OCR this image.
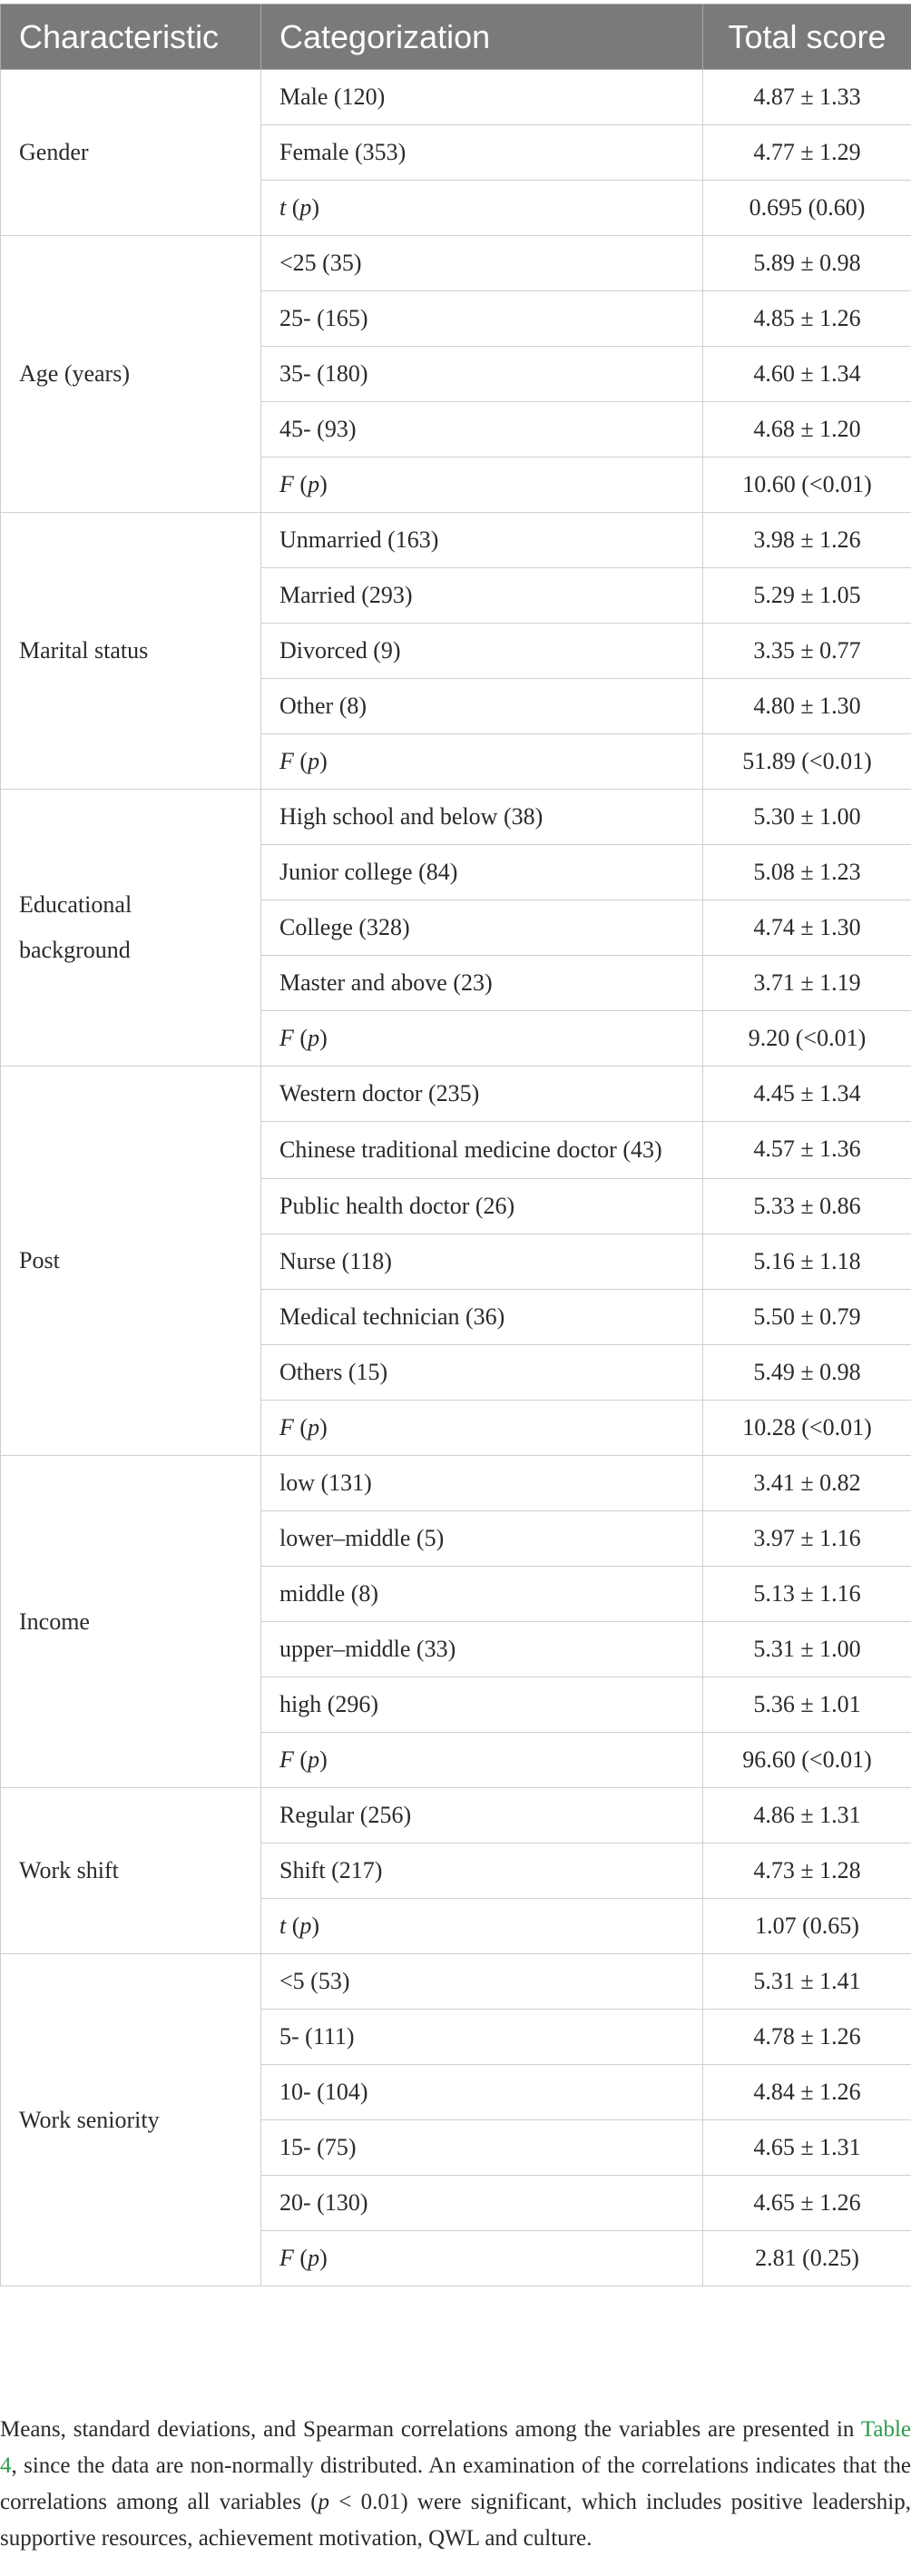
Characteristic	Categorization	Total score
Gender	Male (120)	4.87 ± 1.33
	Female (353)	4.77 ± 1.29
	t (p)	0.695 (0.60)
Age (years)	<25 (35)	5.89 ± 0.98
	25- (165)	4.85 ± 1.26
	35- (180)	4.60 ± 1.34
	45- (93)	4.68 ± 1.20
	F (p)	10.60 (<0.01)
Marital status	Unmarried (163)	3.98 ± 1.26
	Married (293)	5.29 ± 1.05
	Divorced (9)	3.35 ± 0.77
	Other (8)	4.80 ± 1.30
	F (p)	51.89 (<0.01)
Educational background	High school and below (38)	5.30 ± 1.00
	Junior college (84)	5.08 ± 1.23
	College (328)	4.74 ± 1.30
	Master and above (23)	3.71 ± 1.19
	F (p)	9.20 (<0.01)
Post	Western doctor (235)	4.45 ± 1.34
	Chinese traditional medicine doctor (43)	4.57 ± 1.36
	Public health doctor (26)	5.33 ± 0.86
	Nurse (118)	5.16 ± 1.18
	Medical technician (36)	5.50 ± 0.79
	Others (15)	5.49 ± 0.98
	F (p)	10.28 (<0.01)
Income	low (131)	3.41 ± 0.82
	lower–middle (5)	3.97 ± 1.16
	middle (8)	5.13 ± 1.16
	upper–middle (33)	5.31 ± 1.00
	high (296)	5.36 ± 1.01
	F (p)	96.60 (<0.01)
Work shift	Regular (256)	4.86 ± 1.31
	Shift (217)	4.73 ± 1.28
	t (p)	1.07 (0.65)
Work seniority	<5 (53)	5.31 ± 1.41
	5- (111)	4.78 ± 1.26
	10- (104)	4.84 ± 1.26
	15- (75)	4.65 ± 1.31
	20- (130)	4.65 ± 1.26
	F (p)	2.81 (0.25)

Means, standard deviations, and Spearman correlations among the variables are presented in Table 4, since the data are non-normally distributed. An examination of the correlations indicates that the correlations among all variables (p < 0.01) were significant, which includes positive leadership, supportive resources, achievement motivation, QWL and culture.
